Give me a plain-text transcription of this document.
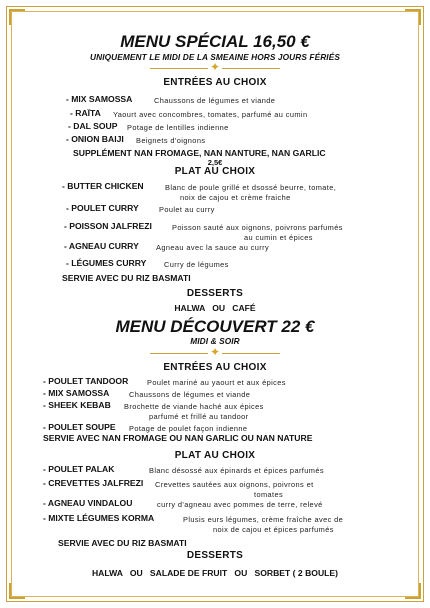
MENU SPÉCIAL 16,50 €
UNIQUEMENT LE MIDI DE LA SMEAINE HORS JOURS FÉRIÉS
✦
ENTRÉES AU CHOIX
- MIX SAMOSSA	Chaussons de légumes et viande
- RAÏTA Yaourt avec concombres, tomates, parfumé au cumin
- DAL SOUP Potage de lentilles indienne
- ONION BAIJI Beignets d'oignons
SUPPLÉMENT NAN FROMAGE, NAN NANTURE, NAN GARLIC
2,5€
PLAT AU CHOIX
- BUTTER CHICKEN	Blanc de poule grillé et dsossé beurre, tomate,
noix de cajou et crème fraiche
- POULET CURRY	Poulet au curry
- POISSON JALFREZI	Poisson sauté aux oignons, poivrons parfumés
au cumin et épices
- AGNEAU CURRY Agneau avec la sauce au curry
- LÉGUMES CURRY Curry de légumes
SERVIE AVEC DU RIZ BASMATI
DESSERTS
HALWA   OU   CAFÉ
MENU DÉCOUVERT 22 €
MIDI & SOIR
✦
ENTRÉES AU CHOIX
- POULET TANDOOR	Poulet mariné au yaourt et aux épices
- MIX SAMOSSA	Chaussons de légumes et viande
- SHEEK KEBAB Brochette de viande haché aux épices
parfumé et frillé au tandoor
- POULET SOUPE Potage de poulet façon indienne
SERVIE AVEC NAN FROMAGE OU NAN GARLIC OU NAN NATURE
PLAT AU CHOIX
- POULET PALAK	Blanc désossé aux épinards et épices parfumés
- CREVETTES JALFREZI Crevettes sautées aux oignons, poivrons et
tomates
- AGNEAU VINDALOU	curry d'agneau avec pommes de terre, relevé
- MIXTE LÉGUMES KORMA	Plusis eurs légumes, crème fraîche avec de
noix de cajou et épices parfumés
SERVIE AVEC DU RIZ BASMATI
DESSERTS
HALWA   OU   SALADE DE FRUIT   OU   SORBET ( 2 BOULE)
